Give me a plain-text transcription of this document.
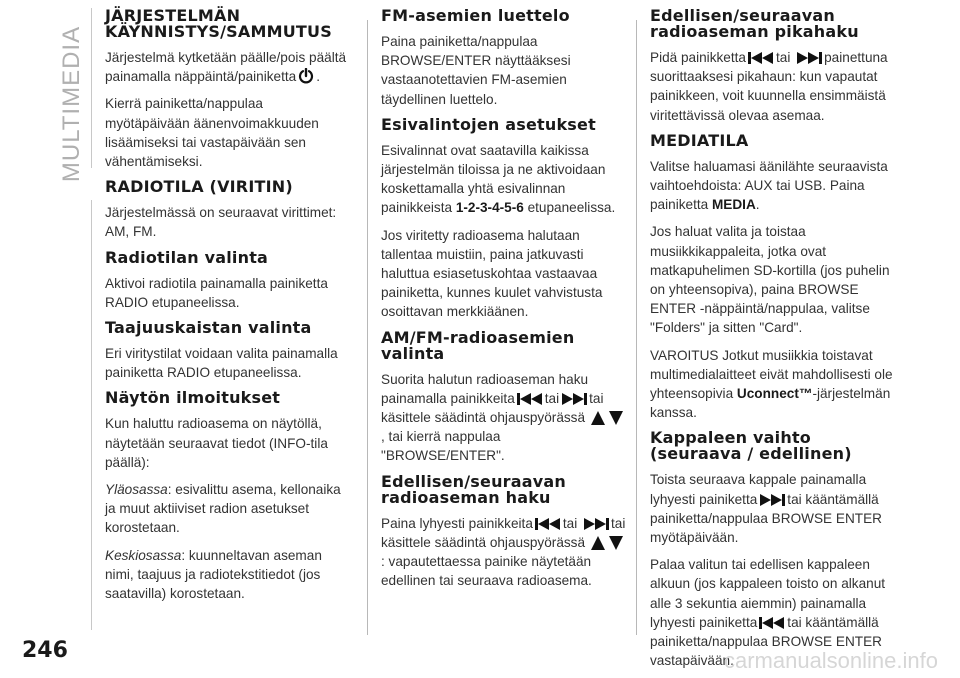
MULTIMEDIA
JÄRJESTELMÄN KÄYNNISTYS/SAMMUTUS

Järjestelmä kytketään päälle/pois päältä painamalla näppäintä/painiketta .

Kierrä painiketta/nappulaa myötäpäivään äänenvoimakkuuden lisäämiseksi tai vastapäivään sen vähentämiseksi.

RADIOTILA (VIRITIN)

Järjestelmässä on seuraavat virittimet: AM, FM.

Radiotilan valinta

Aktivoi radiotila painamalla painiketta RADIO etupaneelissa.

Taajuuskaistan valinta

Eri viritystilat voidaan valita painamalla painiketta RADIO etupaneelissa.

Näytön ilmoitukset

Kun haluttu radioasema on näytöllä, näytetään seuraavat tiedot (INFO-tila päällä):

Yläosassa: esivalittu asema, kellonaika ja muut aktiiviset radion asetukset korostetaan.

Keskiosassa: kuunneltavan aseman nimi, taajuus ja radiotekstitiedot (jos saatavilla) korostetaan.

FM-asemien luettelo

Paina painiketta/nappulaa BROWSE/ENTER näyttääksesi vastaanotettavien FM-asemien täydellinen luettelo.

Esivalintojen asetukset

Esivalinnat ovat saatavilla kaikissa järjestelmän tiloissa ja ne aktivoidaan koskettamalla yhtä esivalinnan painikkeista 1-2-3-4-5-6 etupaneelissa.

Jos viritetty radioasema halutaan tallentaa muistiin, paina jatkuvasti haluttua esiasetuskohtaa vastaavaa painiketta, kunnes kuulet vahvistusta osoittavan merkkiäänen.

AM/FM-radioasemien valinta

Suorita halutun radioaseman haku painamalla painikkeita tai tai käsittele säädintä ohjauspyörässä , tai kierrä nappulaa "BROWSE/ENTER".

Edellisen/seuraavan radioaseman haku

Paina lyhyesti painikkeita tai tai käsittele säädintä ohjauspyörässä : vapautettaessa painike näytetään edellinen tai seuraava radioasema.

Edellisen/seuraavan radioaseman pikahaku

Pidä painikketta tai painettuna suorittaaksesi pikahaun: kun vapautat painikkeen, voit kuunnella ensimmäistä viritettävissä olevaa asemaa.

MEDIATILA

Valitse haluamasi äänilähte seuraavista vaihtoehdoista: AUX tai USB. Paina painiketta MEDIA.

Jos haluat valita ja toistaa musiikkikappaleita, jotka ovat matkapuhelimen SD-kortilla (jos puhelin on yhteensopiva), paina BROWSE ENTER -näppäintä/nappulaa, valitse "Folders" ja sitten "Card".

VAROITUS Jotkut musiikkia toistavat multimedialaitteet eivät mahdollisesti ole yhteensopivia Uconnect™-järjestelmän kanssa.

Kappaleen vaihto (seuraava / edellinen)

Toista seuraava kappale painamalla lyhyesti painiketta tai kääntämällä painiketta/nappulaa BROWSE ENTER myötäpäivään.

Palaa valitun tai edellisen kappaleen alkuun (jos kappaleen toisto on alkanut alle 3 sekuntia aiemmin) painamalla lyhyesti painiketta tai kääntämällä painiketta/nappulaa BROWSE ENTER vastapäivään.

246	carmanualsonline.info
